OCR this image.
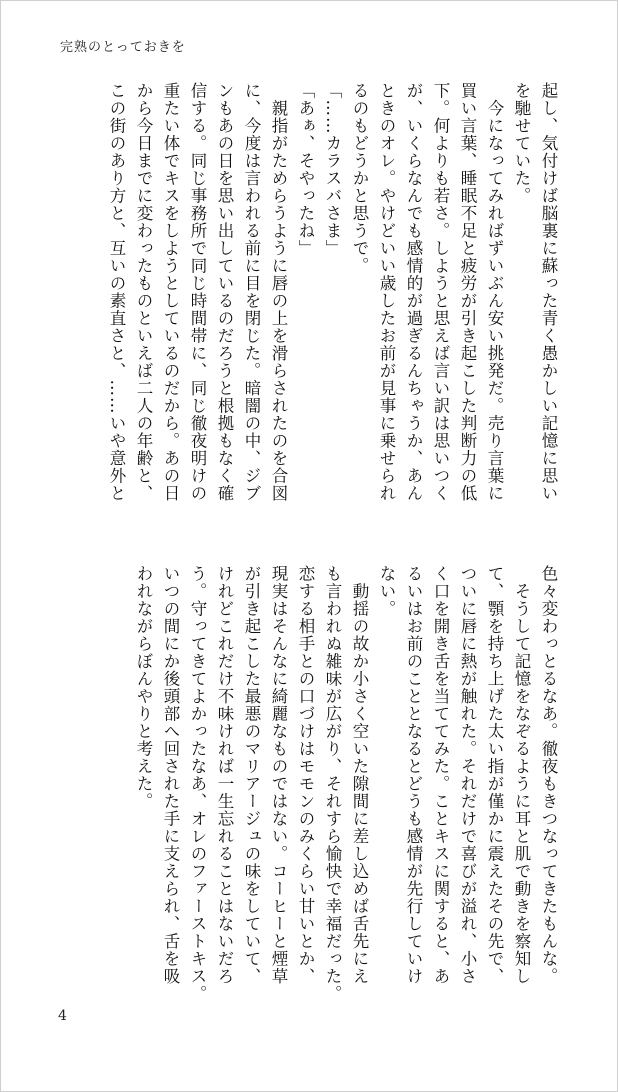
完熟のとっておきを

起し、気付けば脳裏に蘇った青く愚かしい記憶に思い

を馳せていた。

　今になってみればずいぶん安い挑発だ。売り言葉に

買い言葉、睡眠不足と疲労が引き起こした判断力の低

下。何よりも若さ。しようと思えば言い訳は思いつく

が、いくらなんでも感情的が過ぎるんちゃうか、あん

ときのオレ。やけどいい歳したお前が見事に乗せられ

るのもどうかと思うで。

「……カラスバさま」

「あぁ、そやったね」

　親指がためらうように唇の上を滑らされたのを合図

に、今度は言われる前に目を閉じた。暗闇の中、ジブ

ンもあの日を思い出しているのだろうと根拠もなく確

信する。同じ事務所で同じ時間帯に、同じ徹夜明けの

重たい体でキスをしようとしているのだから。あの日

から今日までに変わったものといえば二人の年齢と、

この街のあり方と、互いの素直さと、……いや意外と

色々変わっとるなあ。徹夜もきつなってきたもんな。

　そうして記憶をなぞるように耳と肌で動きを察知し

て、顎を持ち上げた太い指が僅かに震えたその先で、

ついに唇に熱が触れた。それだけで喜びが溢れ、小さ

く口を開き舌を当ててみた。ことキスに関すると、あ

るいはお前のこととなるとどうも感情が先行していけ

ない。

　動揺の故か小さく空いた隙間に差し込めば舌先にえ

も言われぬ雑味が広がり、それすら愉快で幸福だった。

恋する相手との口づけはモモンのみくらい甘いとか、

現実はそんなに綺麗なものではない。コーヒーと煙草

が引き起こした最悪のマリアージュの味をしていて、

けれどこれだけ不味ければ一生忘れることはないだろ

う。守ってきてよかったなあ、オレのファーストキス。

いつの間にか後頭部へ回された手に支えられ、舌を吸

われながらぼんやりと考えた。

4
